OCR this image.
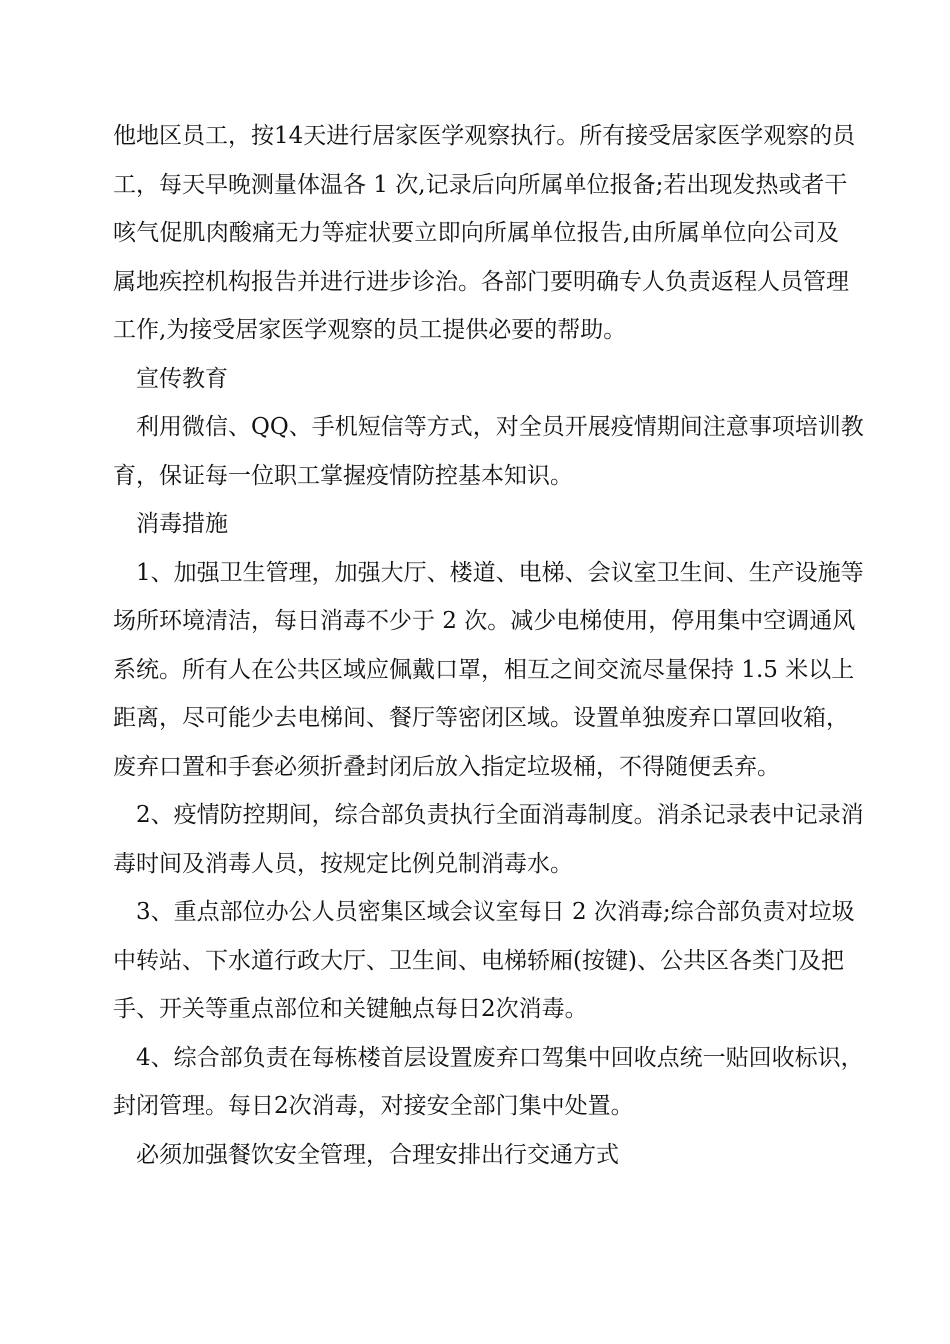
他地区员工，按14天进行居家医学观察执行。所有接受居家医学观察的员
工，每天早晚测量体温各 1 次,记录后向所属单位报备;若出现发热或者干
咳气促肌肉酸痛无力等症状要立即向所属单位报告,由所属单位向公司及
属地疾控机构报告并进行进步诊治。各部门要明确专人负责返程人员管理
工作,为接受居家医学观察的员工提供必要的帮助。
宣传教育
利用微信、QQ、手机短信等方式，对全员开展疫情期间注意事项培训教
育，保证每一位职工掌握疫情防控基本知识。
消毒措施
1、加强卫生管理，加强大厅、楼道、电梯、会议室卫生间、生产设施等
场所环境清洁，每日消毒不少于 2 次。减少电梯使用，停用集中空调通风
系统。所有人在公共区域应佩戴口罩，相互之间交流尽量保持 1.5 米以上
距离，尽可能少去电梯间、餐厅等密闭区域。设置单独废弃口罩回收箱，
废弃口置和手套必须折叠封闭后放入指定垃圾桶，不得随便丢弃。
2、疫情防控期间，综合部负责执行全面消毒制度。消杀记录表中记录消
毒时间及消毒人员，按规定比例兑制消毒水。
3、重点部位办公人员密集区域会议室每日 2 次消毒;综合部负责对垃圾
中转站、下水道行政大厅、卫生间、电梯轿厢(按键)、公共区各类门及把
手、开关等重点部位和关键触点每日2次消毒。
4、综合部负责在每栋楼首层设置废弃口驾集中回收点统一贴回收标识，
封闭管理。每日2次消毒，对接安全部门集中处置。
必须加强餐饮安全管理，合理安排出行交通方式
